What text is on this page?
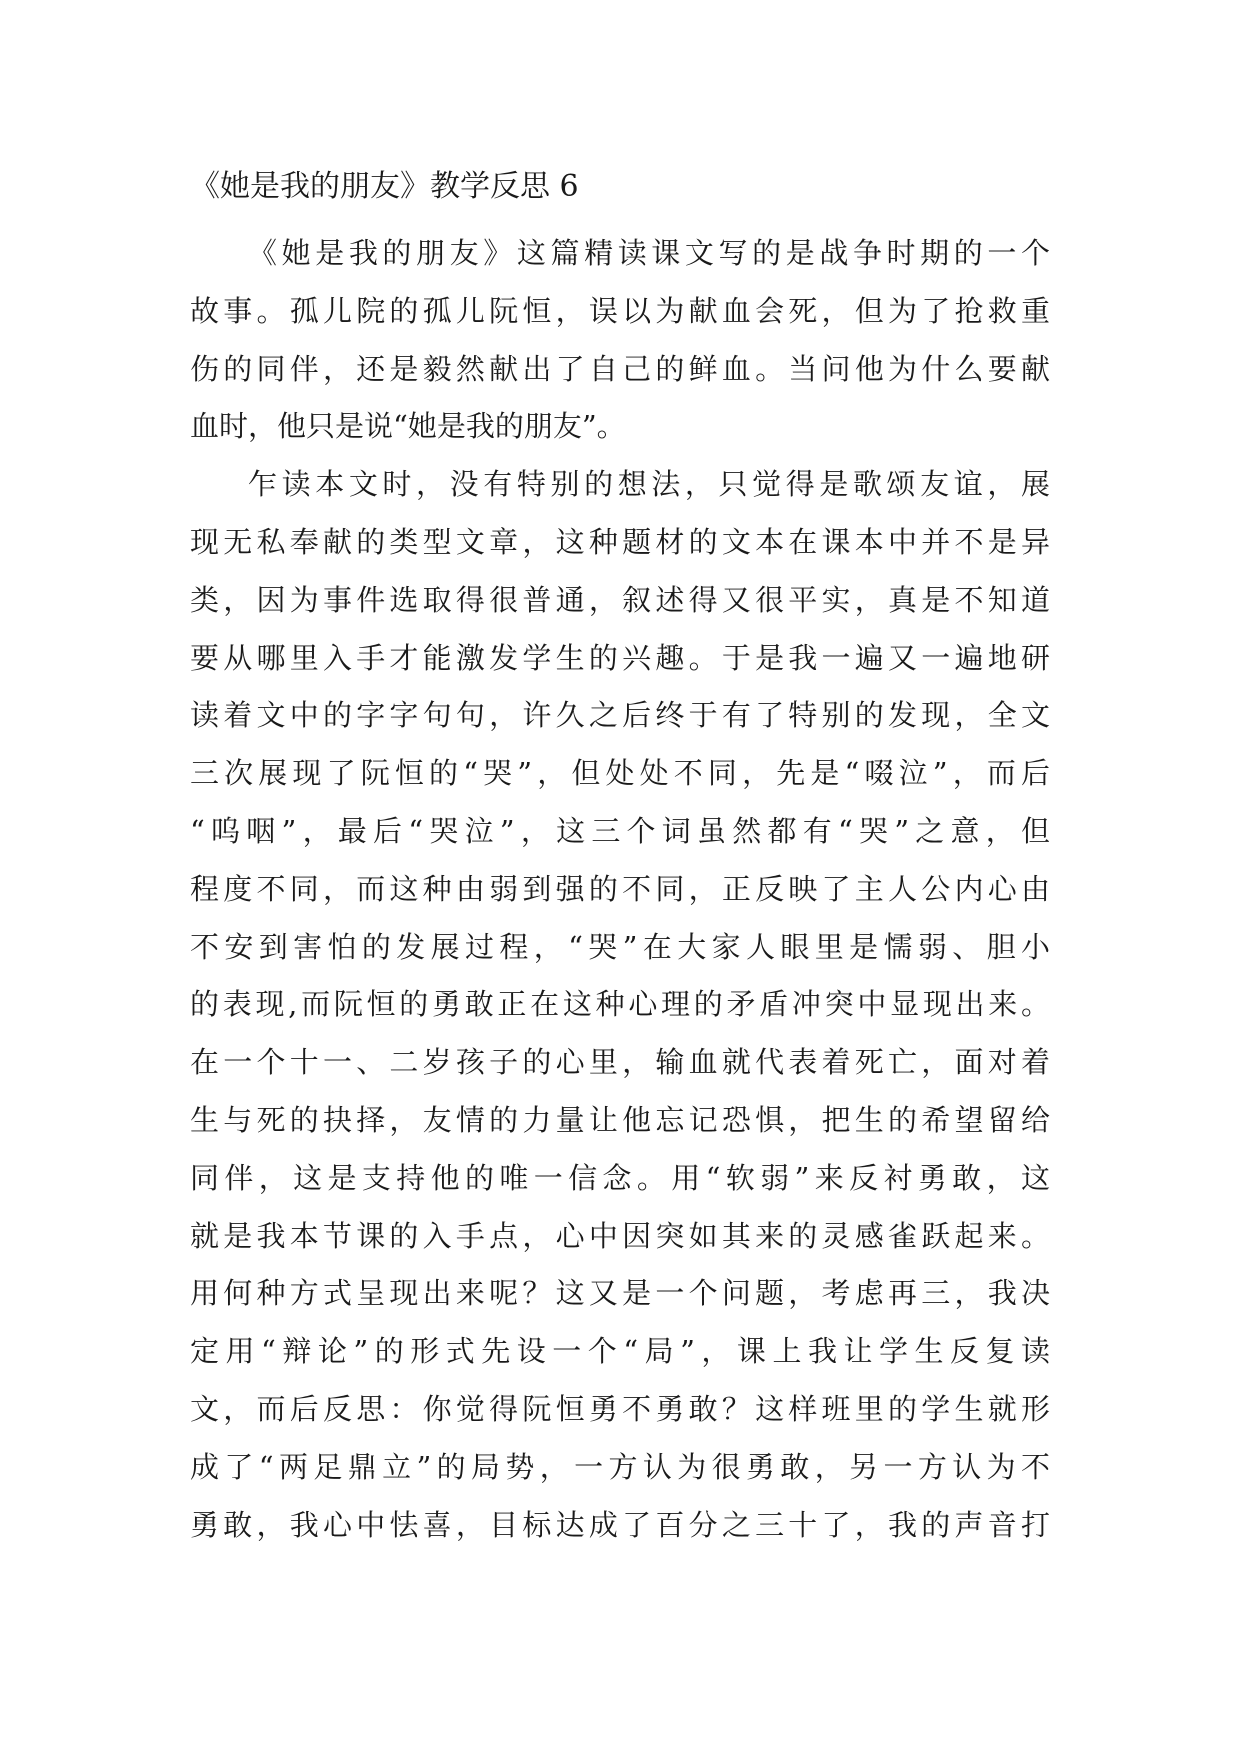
《她是我的朋友》教学反思 6

《她是我的朋友》这篇精读课文写的是战争时期的一个
故事。孤儿院的孤儿阮恒，误以为献血会死，但为了抢救重
伤的同伴，还是毅然献出了自己的鲜血。当问他为什么要献
血时，他只是说“她是我的朋友”。

乍读本文时，没有特别的想法，只觉得是歌颂友谊，展
现无私奉献的类型文章，这种题材的文本在课本中并不是异
类，因为事件选取得很普通，叙述得又很平实，真是不知道
要从哪里入手才能激发学生的兴趣。于是我一遍又一遍地研
读着文中的字字句句，许久之后终于有了特别的发现，全文
三次展现了阮恒的“哭”，但处处不同，先是“啜泣”，而后
“呜咽”，最后“哭泣”，这三个词虽然都有“哭”之意，但
程度不同，而这种由弱到强的不同，正反映了主人公内心由
不安到害怕的发展过程，“哭”在大家人眼里是懦弱、胆小
的表现,而阮恒的勇敢正在这种心理的矛盾冲突中显现出来。
在一个十一、二岁孩子的心里，输血就代表着死亡，面对着
生与死的抉择，友情的力量让他忘记恐惧，把生的希望留给
同伴，这是支持他的唯一信念。用“软弱”来反衬勇敢，这
就是我本节课的入手点，心中因突如其来的灵感雀跃起来。
用何种方式呈现出来呢？这又是一个问题，考虑再三，我决
定用“辩论”的形式先设一个“局”，课上我让学生反复读
文，而后反思：你觉得阮恒勇不勇敢？这样班里的学生就形
成了“两足鼎立”的局势，一方认为很勇敢，另一方认为不
勇敢，我心中怯喜，目标达成了百分之三十了，我的声音打
